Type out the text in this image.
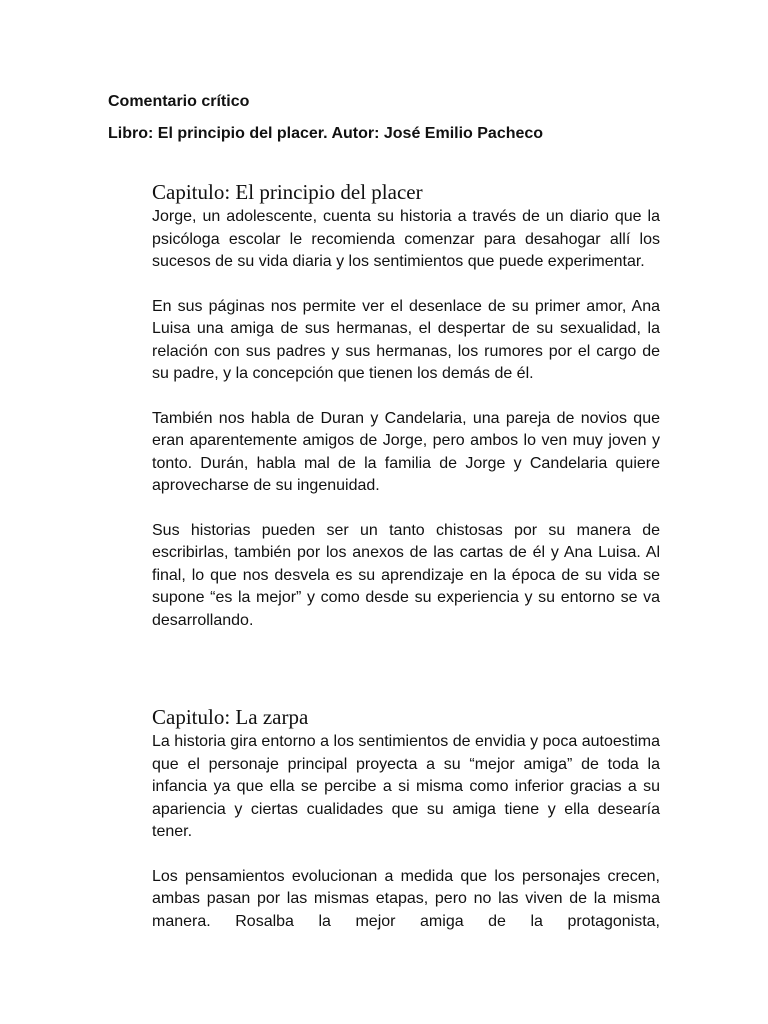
Comentario crítico

Libro: El principio del placer. Autor: José Emilio Pacheco

Capitulo: El principio del placer

Jorge, un adolescente, cuenta su historia a través de un diario que la psicóloga escolar le recomienda comenzar para desahogar allí los sucesos de su vida diaria y los sentimientos que puede experimentar.

En sus páginas nos permite ver el desenlace de su primer amor, Ana Luisa una amiga de sus hermanas, el despertar de su sexualidad, la relación con sus padres y sus hermanas, los rumores por el cargo de su padre, y la concepción que tienen los demás de él.

También nos habla de Duran y Candelaria, una pareja de novios que eran aparentemente amigos de Jorge, pero ambos lo ven muy joven y tonto. Durán, habla mal de la familia de Jorge y Candelaria quiere aprovecharse de su ingenuidad.

Sus historias pueden ser un tanto chistosas por su manera de escribirlas, también por los anexos de las cartas de él y Ana Luisa. Al final, lo que nos desvela es su aprendizaje en la época de su vida se supone “es la mejor” y como desde su experiencia y su entorno se va desarrollando.

Capitulo: La zarpa

La historia gira entorno a los sentimientos de envidia y poca autoestima que el personaje principal proyecta a su “mejor amiga” de toda la infancia ya que ella se percibe a si misma como inferior gracias a su apariencia y ciertas cualidades que su amiga tiene y ella desearía tener.

Los pensamientos evolucionan a medida que los personajes crecen, ambas pasan por las mismas etapas, pero no las viven de la misma manera. Rosalba la mejor amiga de la protagonista,
